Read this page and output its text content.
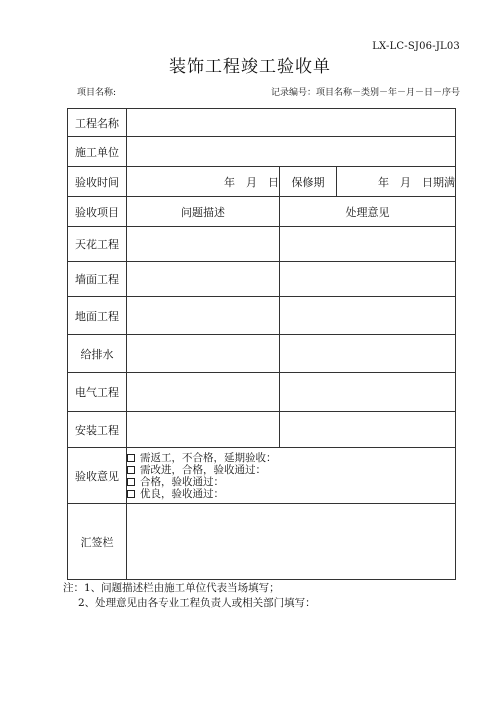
LX-LC-SJ06-JL03
装饰工程竣工验收单
项目名称:	记录编号：项目名称－类别－年－月－日－序号
工程名称			
施工单位			
验收时间	年　月　日	保修期	年　月　日期满
验收项目	问题描述	处理意见	
天花工程			
墙面工程			
地面工程			
给排水			
电气工程			
安装工程			
验收意见	需返工，不合格，延期验收：
需改进，合格，验收通过：
合格，验收通过：
优良，验收通过：		

汇签栏			
注：1、问题描述栏由施工单位代表当场填写；
2、处理意见由各专业工程负责人或相关部门填写：
